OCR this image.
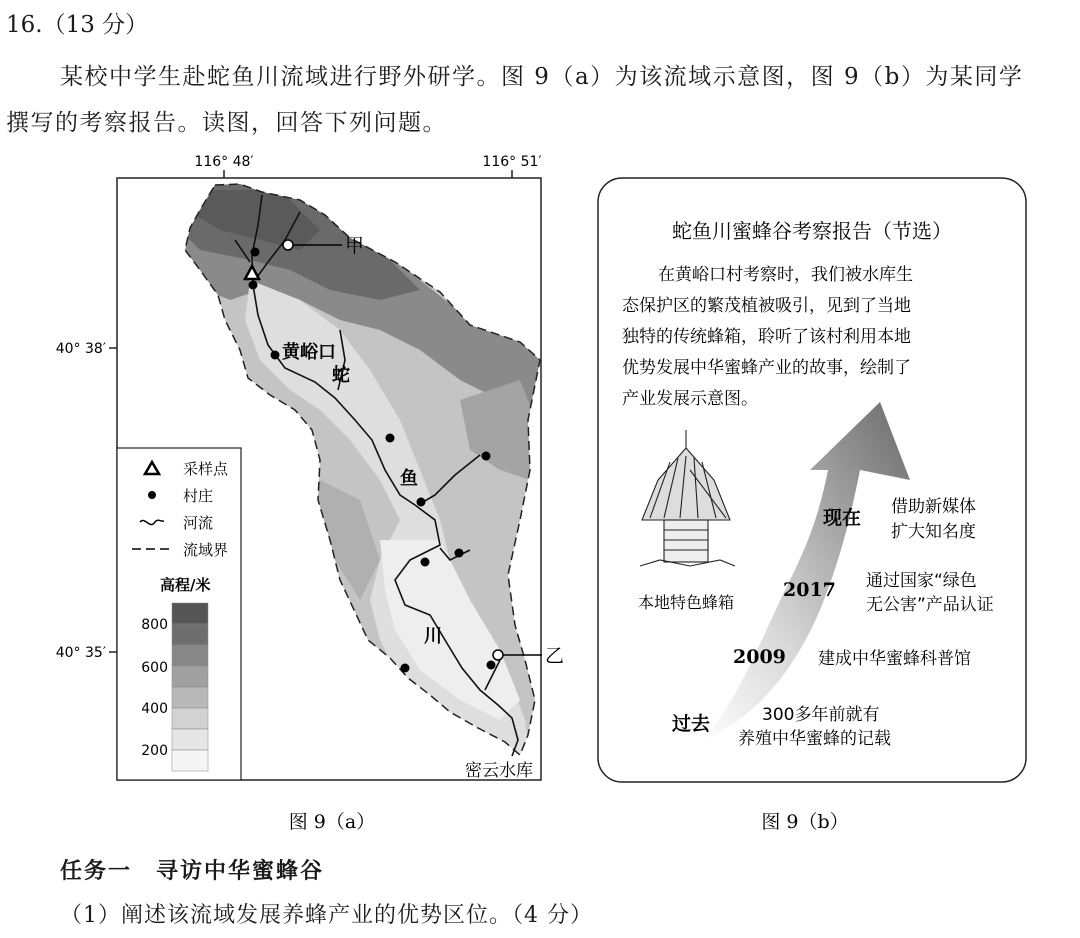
16.（13 分）
某校中学生赴蛇鱼川流域进行野外研学。图 9（a）为该流域示意图，图 9（b）为某同学
撰写的考察报告。读图，回答下列问题。
116° 48′	116° 51′
40° 38′
40° 35′
甲
乙
黄峪口
蛇
鱼
川
密云水库
采样点
村庄
河流
流域界
高程/米
800
600
400
200
蛇鱼川蜜蜂谷考察报告（节选）
在黄峪口村考察时，我们被水库生
态保护区的繁茂植被吸引，见到了当地
独特的传统蜂箱，聆听了该村利用本地
优势发展中华蜜蜂产业的故事，绘制了
产业发展示意图。
本地特色蜂箱
现在 借助新媒体
扩大知名度
2017 通过国家“绿色
无公害”产品认证
2009 建成中华蜜蜂科普馆
过去	300多年前就有
养殖中华蜜蜂的记载
图 9（a）	图 9（b）
任务一　寻访中华蜜蜂谷
（1）阐述该流域发展养蜂产业的优势区位。（4 分）
